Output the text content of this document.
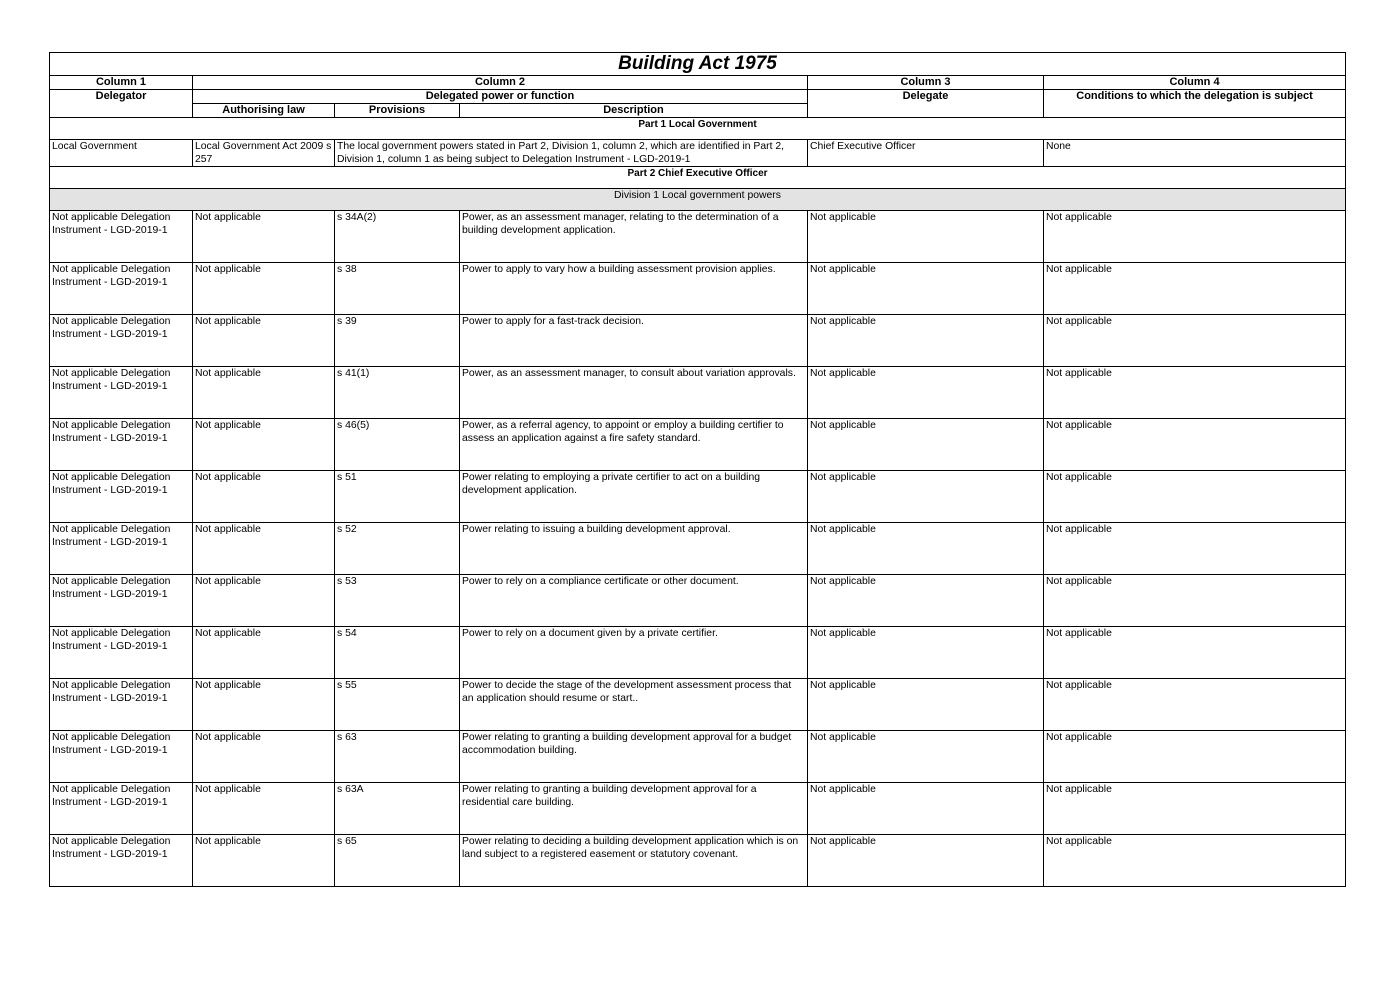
Building Act 1975					
Column 1	Column 2			Column 3	Column 4
Delegator	Delegated power or function			Delegate	Conditions to which the delegation is subject
	Authorising law	Provisions	Description		
Part 1 Local Government					
Local Government	Local Government Act 2009 s 257	The local government powers stated in Part 2, Division 1, column 2, which are identified in Part 2, Division 1, column 1 as being subject to Delegation Instrument - LGD-2019-1		Chief Executive Officer	None
Part 2 Chief Executive Officer					
Division 1 Local government powers					
Not applicable Delegation Instrument - LGD-2019-1	Not applicable	s 34A(2)	Power, as an assessment manager, relating to the determination of a building development application.	Not applicable	Not applicable
Not applicable Delegation Instrument - LGD-2019-1	Not applicable	s 38	Power to apply to vary how a building assessment provision applies.	Not applicable	Not applicable
Not applicable Delegation Instrument - LGD-2019-1	Not applicable	s 39	Power to apply for a fast-track decision.	Not applicable	Not applicable
Not applicable Delegation Instrument - LGD-2019-1	Not applicable	s 41(1)	Power, as an assessment manager, to consult about variation approvals.	Not applicable	Not applicable
Not applicable Delegation Instrument - LGD-2019-1	Not applicable	s 46(5)	Power, as a referral agency, to appoint or employ a building certifier to assess an application against a fire safety standard.	Not applicable	Not applicable
Not applicable Delegation Instrument - LGD-2019-1	Not applicable	s 51	Power relating to employing a private certifier to act on a building development application.	Not applicable	Not applicable
Not applicable Delegation Instrument - LGD-2019-1	Not applicable	s 52	Power relating to issuing a building development approval.	Not applicable	Not applicable
Not applicable Delegation Instrument - LGD-2019-1	Not applicable	s 53	Power to rely on a compliance certificate or other document.	Not applicable	Not applicable
Not applicable Delegation Instrument - LGD-2019-1	Not applicable	s 54	Power to rely on a document given by a private certifier.	Not applicable	Not applicable
Not applicable Delegation Instrument - LGD-2019-1	Not applicable	s 55	Power to decide the stage of the development assessment process that an application should resume or start..	Not applicable	Not applicable
Not applicable Delegation Instrument - LGD-2019-1	Not applicable	s 63	Power relating to granting a building development approval for a budget accommodation building.	Not applicable	Not applicable
Not applicable Delegation Instrument - LGD-2019-1	Not applicable	s 63A	Power relating to granting a building development approval for a residential care building.	Not applicable	Not applicable
Not applicable Delegation Instrument - LGD-2019-1	Not applicable	s 65	Power relating to deciding a building development application which is on land subject to a registered easement or statutory covenant.	Not applicable	Not applicable
